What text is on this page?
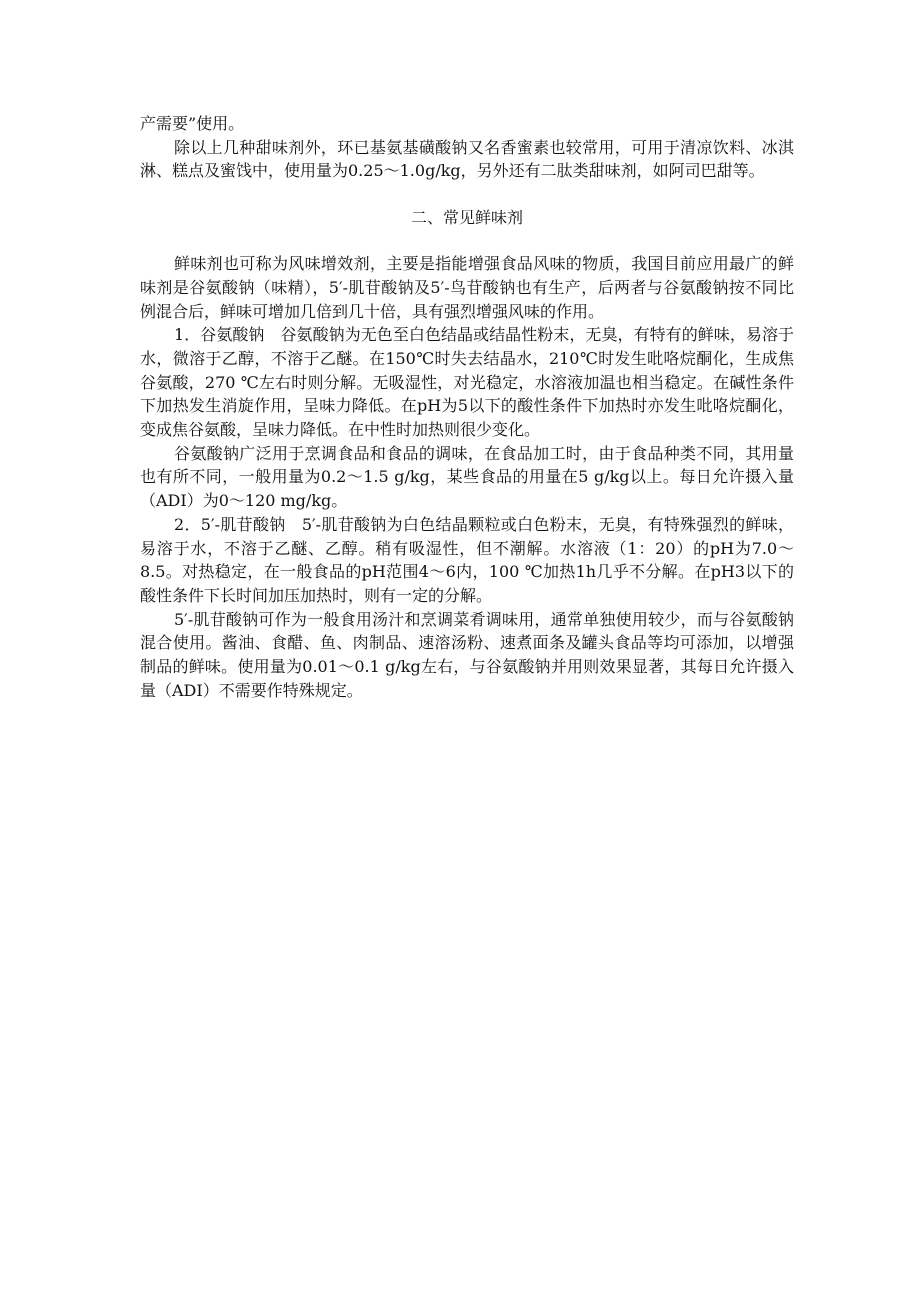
产需要”使用。

除以上几种甜味剂外，环已基氨基磺酸钠又名香蜜素也较常用，可用于清凉饮料、冰淇淋、糕点及蜜饯中，使用量为0.25～1.0g/kg，另外还有二肽类甜味剂，如阿司巴甜等。

二、常见鲜味剂

鲜味剂也可称为风味增效剂，主要是指能增强食品风味的物质，我国目前应用最广的鲜味剂是谷氨酸钠（味精），5′-肌苷酸钠及5′-鸟苷酸钠也有生产，后两者与谷氨酸钠按不同比例混合后，鲜味可增加几倍到几十倍，具有强烈增强风味的作用。

1．谷氨酸钠　谷氨酸钠为无色至白色结晶或结晶性粉末，无臭，有特有的鲜味，易溶于水，微溶于乙醇，不溶于乙醚。在150℃时失去结晶水，210℃时发生吡咯烷酮化，生成焦谷氨酸，270 ℃左右时则分解。无吸湿性，对光稳定，水溶液加温也相当稳定。在碱性条件下加热发生消旋作用，呈味力降低。在pH为5以下的酸性条件下加热时亦发生吡咯烷酮化，变成焦谷氨酸，呈味力降低。在中性时加热则很少变化。

谷氨酸钠广泛用于烹调食品和食品的调味，在食品加工时，由于食品种类不同，其用量也有所不同，一般用量为0.2～1.5 g/kg，某些食品的用量在5 g/kg以上。每日允许摄入量（ADI）为0～120 mg/kg。

2．5′-肌苷酸钠　5′-肌苷酸钠为白色结晶颗粒或白色粉末，无臭，有特殊强烈的鲜味，易溶于水，不溶于乙醚、乙醇。稍有吸湿性，但不潮解。水溶液（1：20）的pH为7.0～8.5。对热稳定，在一般食品的pH范围4～6内，100 ℃加热1h几乎不分解。在pH3以下的酸性条件下长时间加压加热时，则有一定的分解。

5′-肌苷酸钠可作为一般食用汤汁和烹调菜肴调味用，通常单独使用较少，而与谷氨酸钠混合使用。酱油、食醋、鱼、肉制品、速溶汤粉、速煮面条及罐头食品等均可添加，以增强制品的鲜味。使用量为0.01～0.1 g/kg左右，与谷氨酸钠并用则效果显著，其每日允许摄入量（ADI）不需要作特殊规定。
